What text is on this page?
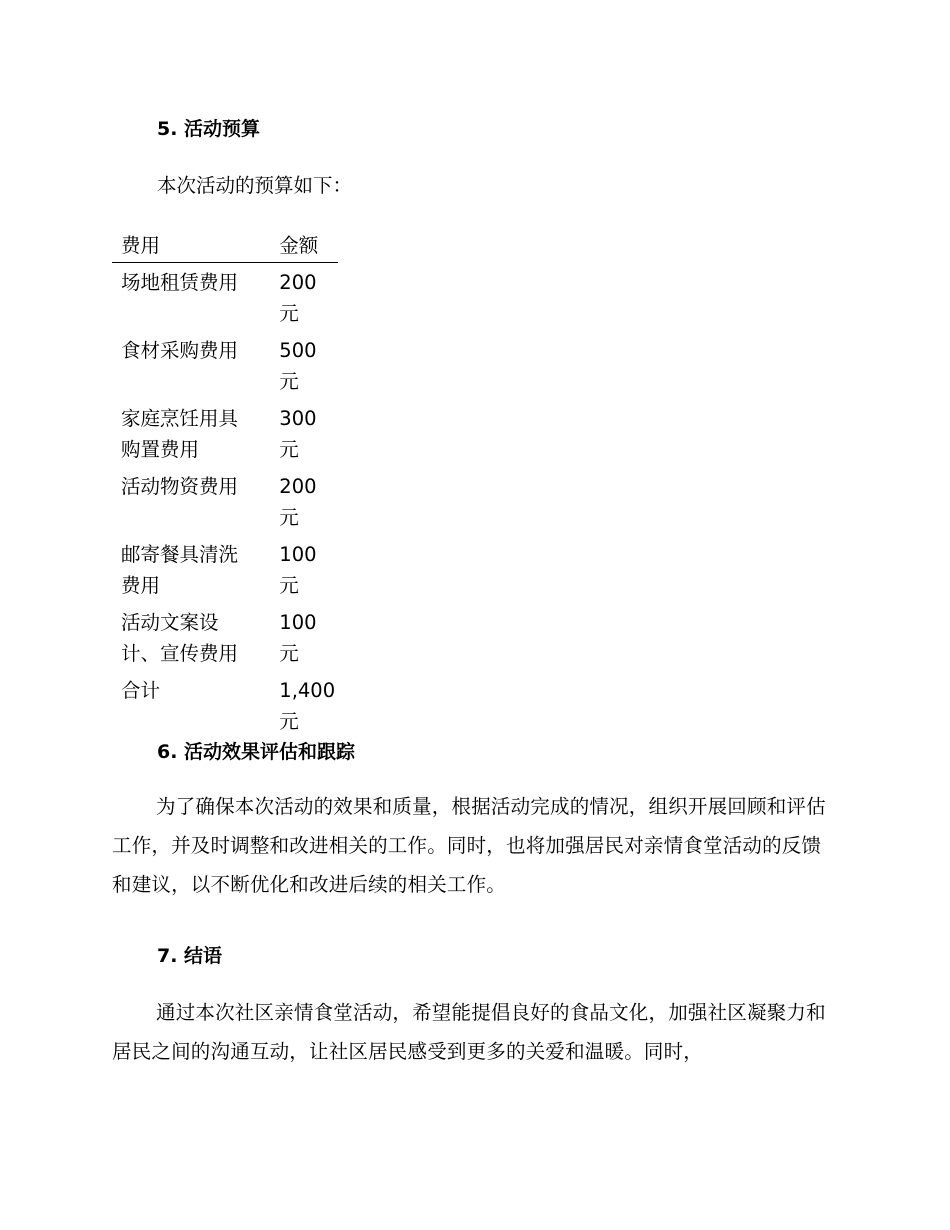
5. 活动预算

本次活动的预算如下：

费用	金额

场地租赁费用	200
元

食材采购费用	500
元

家庭烹饪用具购置费用	300
元

活动物资费用	200
元

邮寄餐具清洗费用	100
元

活动文案设计、宣传费用	100
元

合计	1,400
元
6. 活动效果评估和跟踪

为了确保本次活动的效果和质量，根据活动完成的情况，组织开展回顾和评估工作，并及时调整和改进相关的工作。同时，也将加强居民对亲情食堂活动的反馈和建议，以不断优化和改进后续的相关工作。

7. 结语

通过本次社区亲情食堂活动，希望能提倡良好的食品文化，加强社区凝聚力和居民之间的沟通互动，让社区居民感受到更多的关爱和温暖。同时，
